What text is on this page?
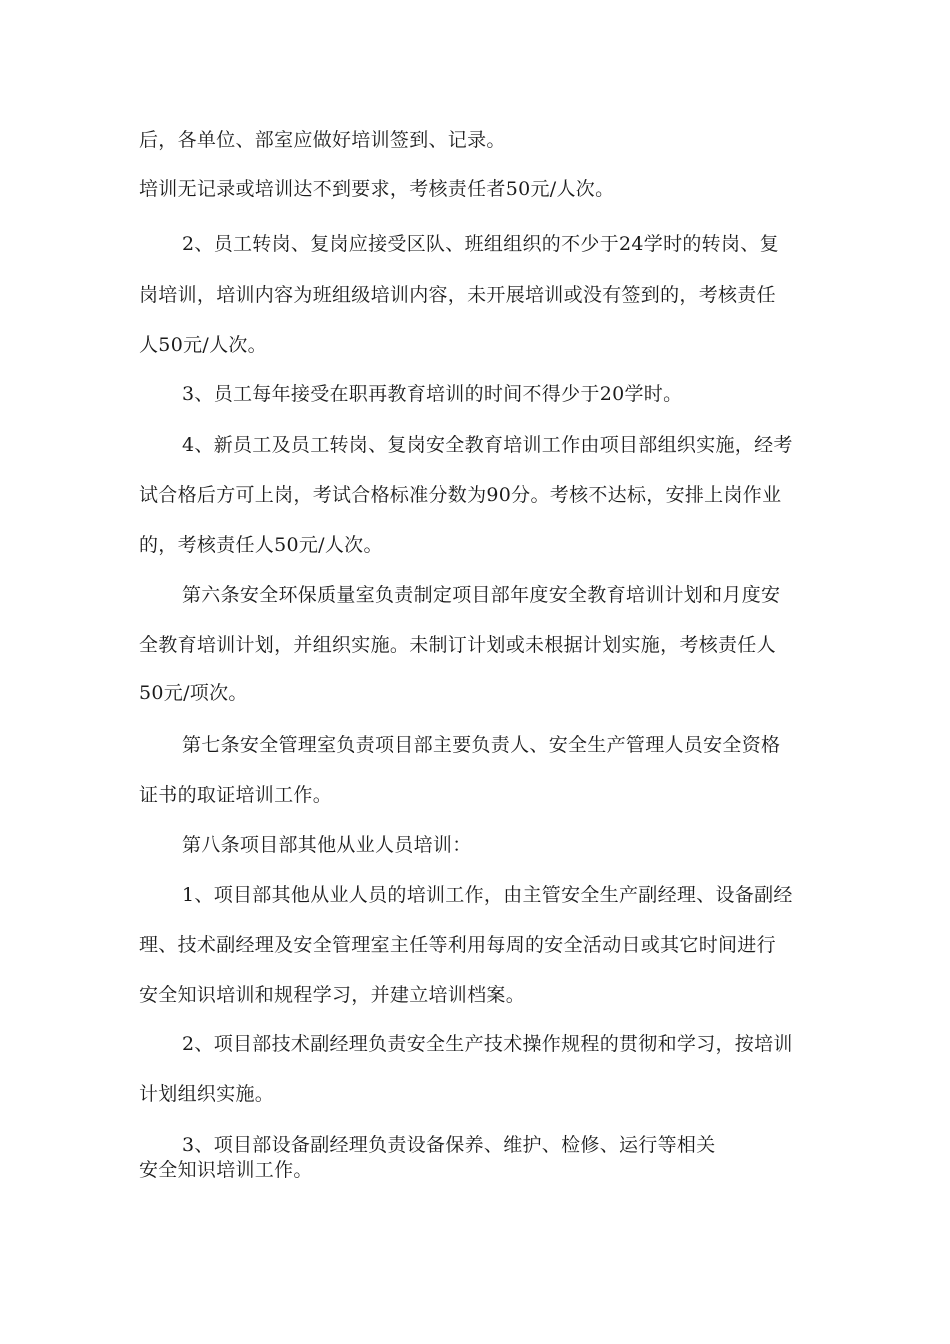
后，各单位、部室应做好培训签到、记录。
培训无记录或培训达不到要求，考核责任者50元/人次。
2、员工转岗、复岗应接受区队、班组组织的不少于24学时的转岗、复
岗培训，培训内容为班组级培训内容，未开展培训或没有签到的，考核责任
人50元/人次。
3、员工每年接受在职再教育培训的时间不得少于20学时。
4、新员工及员工转岗、复岗安全教育培训工作由项目部组织实施，经考
试合格后方可上岗，考试合格标准分数为90分。考核不达标，安排上岗作业
的，考核责任人50元/人次。
第六条安全环保质量室负责制定项目部年度安全教育培训计划和月度安
全教育培训计划，并组织实施。未制订计划或未根据计划实施，考核责任人
50元/项次。
第七条安全管理室负责项目部主要负责人、安全生产管理人员安全资格
证书的取证培训工作。
第八条项目部其他从业人员培训：
1、项目部其他从业人员的培训工作，由主管安全生产副经理、设备副经
理、技术副经理及安全管理室主任等利用每周的安全活动日或其它时间进行
安全知识培训和规程学习，并建立培训档案。
2、项目部技术副经理负责安全生产技术操作规程的贯彻和学习，按培训
计划组织实施。
3、项目部设备副经理负责设备保养、维护、检修、运行等相关
安全知识培训工作。
